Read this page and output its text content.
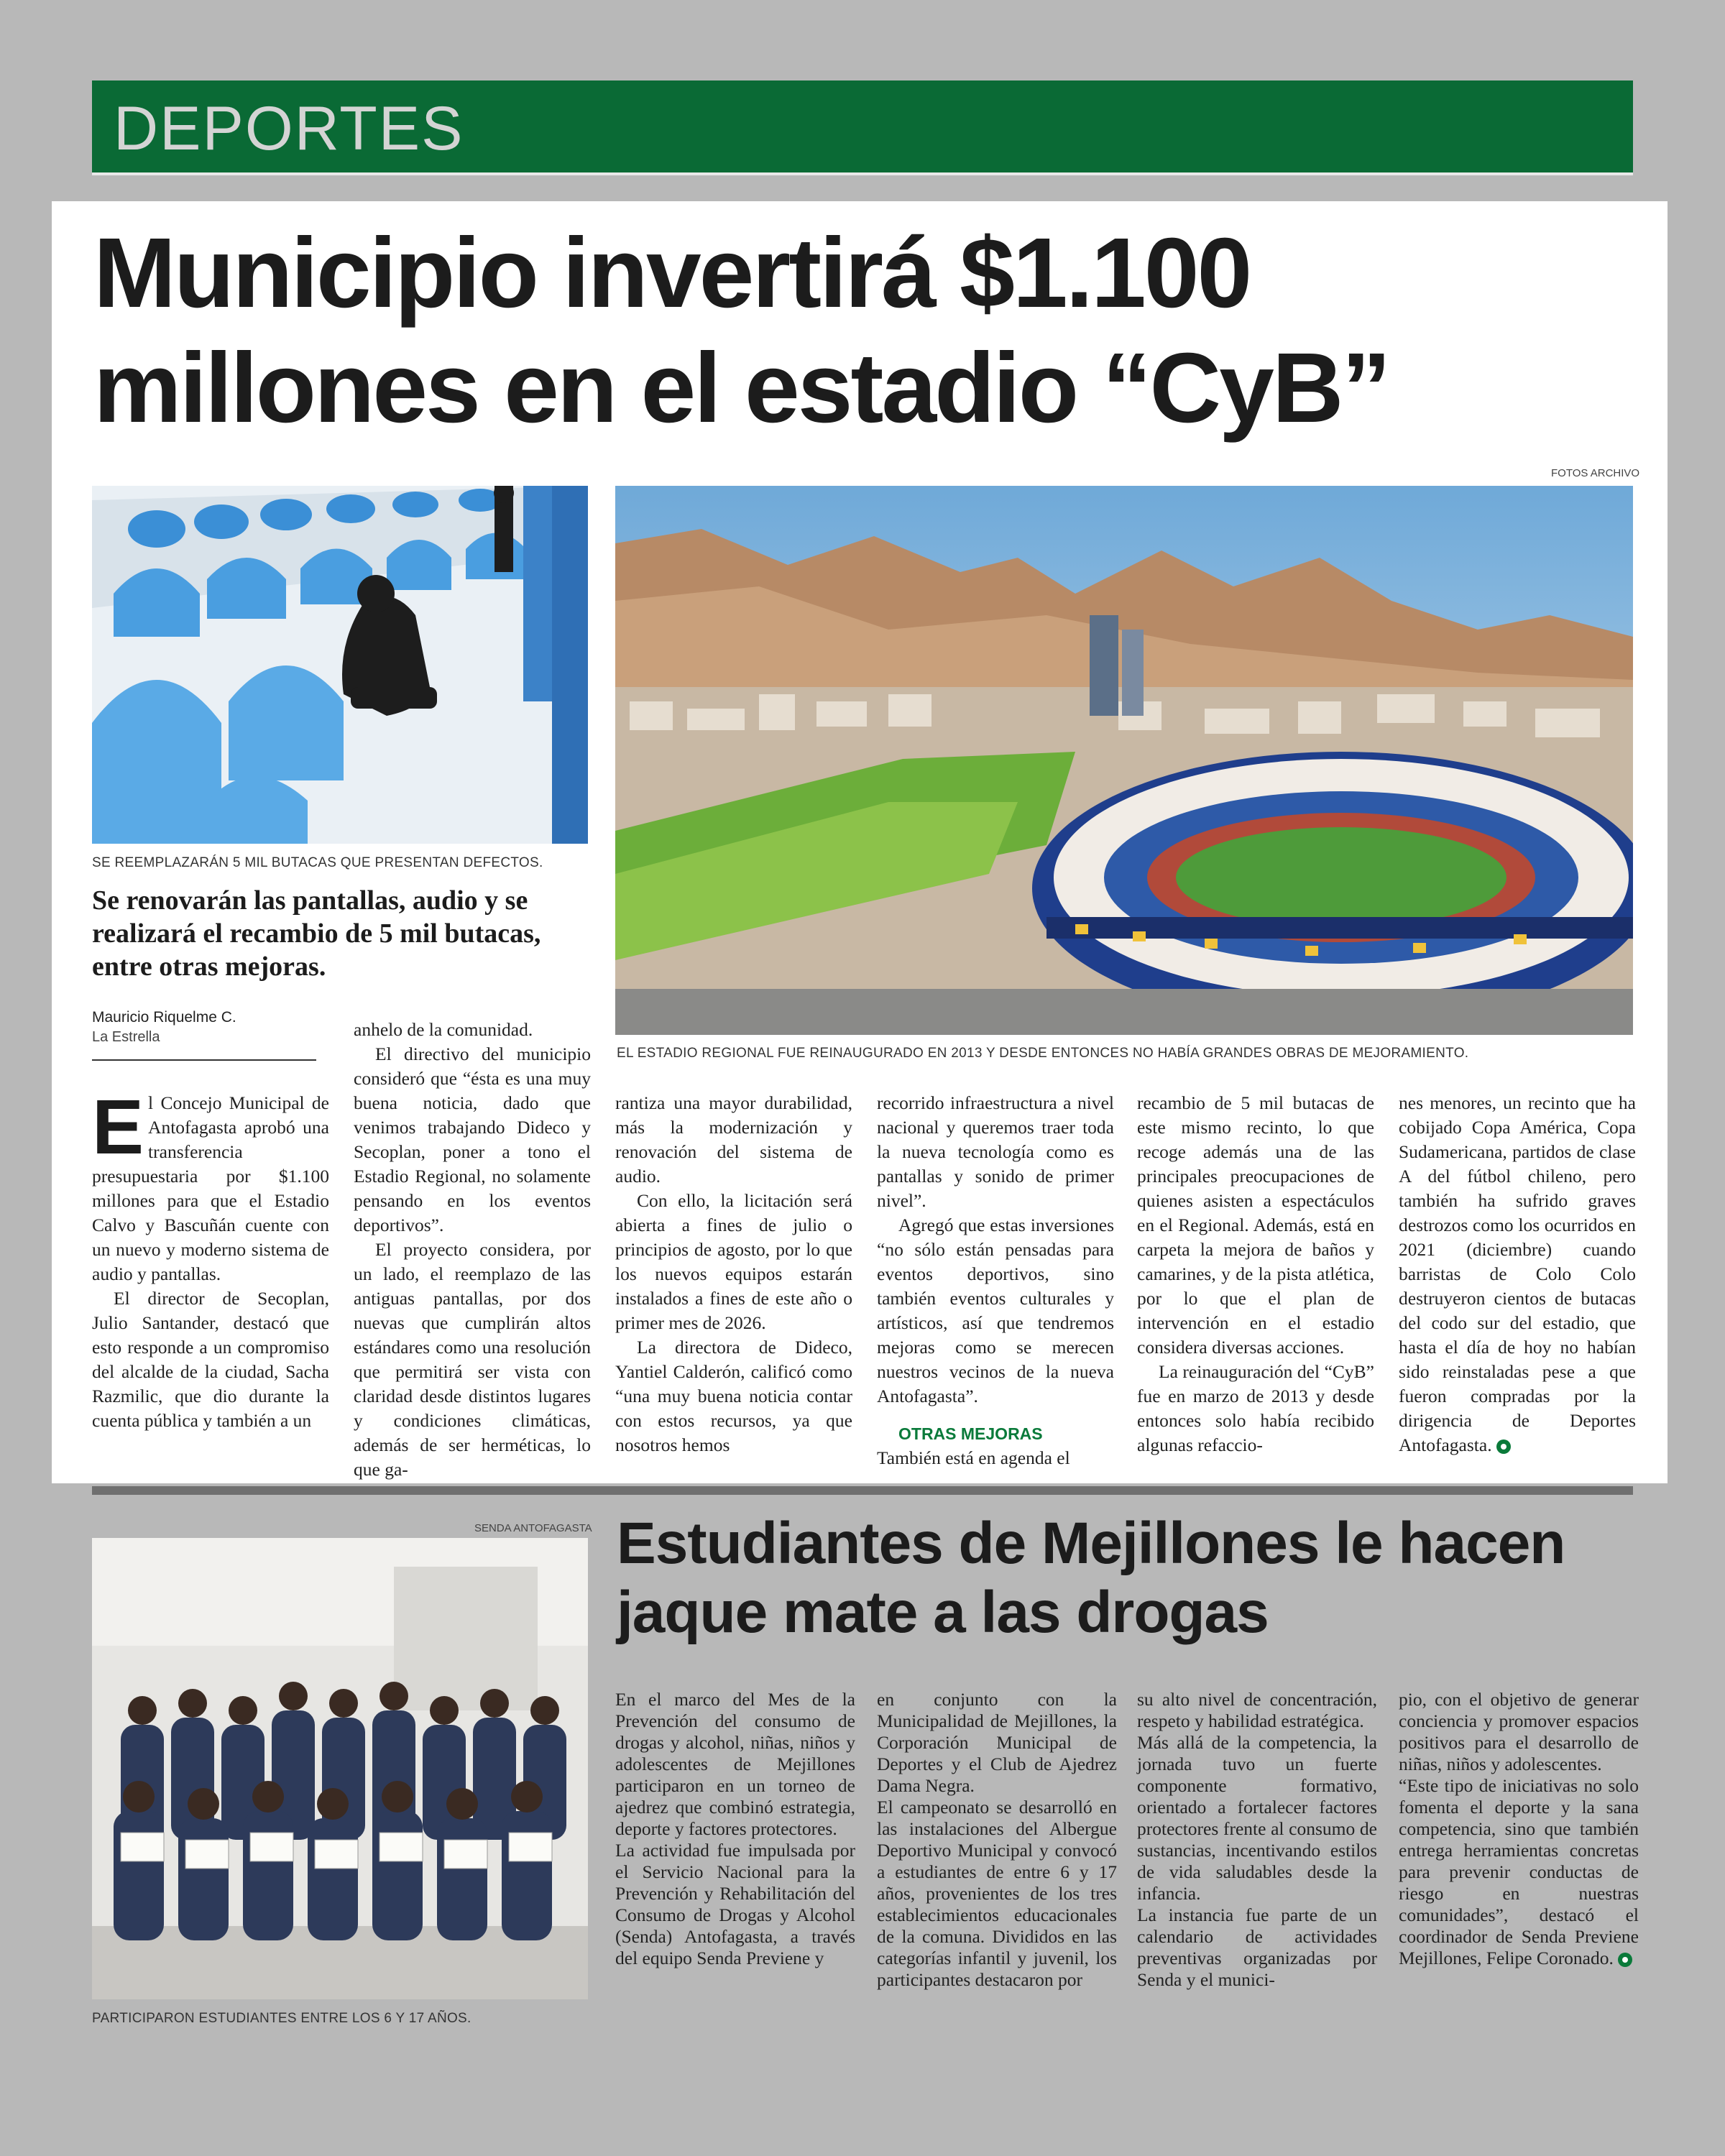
DEPORTES
Municipio invertirá $1.100 millones en el estadio “CyB”
FOTOS ARCHIVO
SE REEMPLAZARÁN 5 MIL BUTACAS QUE PRESENTAN DEFECTOS.
EL ESTADIO REGIONAL FUE REINAUGURADO EN 2013 Y DESDE ENTONCES NO HABÍA GRANDES OBRAS DE MEJORAMIENTO.
Se renovarán las pantallas, audio y se realizará el recambio de 5 mil butacas, entre otras mejoras.
Mauricio Riquelme C.
La Estrella

El Concejo Municipal de Antofagasta aprobó una transferencia presupuestaria por $1.100 millones para que el Estadio Calvo y Bascuñán cuente con un nuevo y moderno sistema de audio y pantallas.

El director de Secoplan, Julio Santander, destacó que esto responde a un compromiso del alcalde de la ciudad, Sacha Razmilic, que dio durante la cuenta pública y también a un

anhelo de la comunidad.

El directivo del municipio consideró que “ésta es una muy buena noticia, dado que venimos trabajando Dideco y Secoplan, poner a tono el Estadio Regional, no solamente pensando en los eventos deportivos”.

El proyecto considera, por un lado, el reemplazo de las antiguas pantallas, por dos nuevas que cumplirán altos estándares como una resolución que permitirá ser vista con claridad desde distintos lugares y condiciones climáticas, además de ser herméticas, lo que ga-

rantiza una mayor durabilidad, más la modernización y renovación del sistema de audio.

Con ello, la licitación será abierta a fines de julio o principios de agosto, por lo que los nuevos equipos estarán instalados a fines de este año o primer mes de 2026.

La directora de Dideco, Yantiel Calderón, calificó como “una muy buena noticia contar con estos recursos, ya que nosotros hemos

recorrido infraestructura a nivel nacional y queremos traer toda la nueva tecnología como es pantallas y sonido de primer nivel”.

Agregó que estas inversiones “no sólo están pensadas para eventos deportivos, sino también eventos culturales y artísticos, así que tendremos mejoras como se merecen nuestros vecinos de la nueva Antofagasta”.

OTRAS MEJORAS

También está en agenda el

recambio de 5 mil butacas de este mismo recinto, lo que recoge además una de las principales preocupaciones de quienes asisten a espectáculos en el Regional. Además, está en carpeta la mejora de baños y camarines, y de la pista atlética, por lo que el plan de intervención en el estadio considera diversas acciones.

La reinauguración del “CyB” fue en marzo de 2013 y desde entonces solo había recibido algunas refaccio-

nes menores, un recinto que ha cobijado Copa América, Copa Sudamericana, partidos de clase A del fútbol chileno, pero también ha sufrido graves destrozos como los ocurridos en 2021 (diciembre) cuando barristas de Colo Colo destruyeron cientos de butacas del codo sur del estadio, que hasta el día de hoy no habían sido reinstaladas pese a que fueron compradas por la dirigencia de Deportes Antofagasta.

SENDA ANTOFAGASTA
PARTICIPARON ESTUDIANTES ENTRE LOS 6 Y 17 AÑOS.
Estudiantes de Mejillones le hacen jaque mate a las drogas

En el marco del Mes de la Prevención del consumo de drogas y alcohol, niñas, niños y adolescentes de Mejillones participaron en un torneo de ajedrez que combinó estrategia, deporte y factores protectores.

La actividad fue impulsada por el Servicio Nacional para la Prevención y Rehabilitación del Consumo de Drogas y Alcohol (Senda) Antofagasta, a través del equipo Senda Previene y

en conjunto con la Municipalidad de Mejillones, la Corporación Municipal de Deportes y el Club de Ajedrez Dama Negra.

El campeonato se desarrolló en las instalaciones del Albergue Deportivo Municipal y convocó a estudiantes de entre 6 y 17 años, provenientes de los tres establecimientos educacionales de la comuna. Divididos en las categorías infantil y juvenil, los participantes destacaron por

su alto nivel de concentración, respeto y habilidad estratégica.

Más allá de la competencia, la jornada tuvo un fuerte componente formativo, orientado a fortalecer factores protectores frente al consumo de sustancias, incentivando estilos de vida saludables desde la infancia.

La instancia fue parte de un calendario de actividades preventivas organizadas por Senda y el munici-

pio, con el objetivo de generar conciencia y promover espacios positivos para el desarrollo de niñas, niños y adolescentes.

“Este tipo de iniciativas no solo fomenta el deporte y la sana competencia, sino que también entrega herramientas concretas para prevenir conductas de riesgo en nuestras comunidades”, destacó el coordinador de Senda Previene Mejillones, Felipe Coronado.
